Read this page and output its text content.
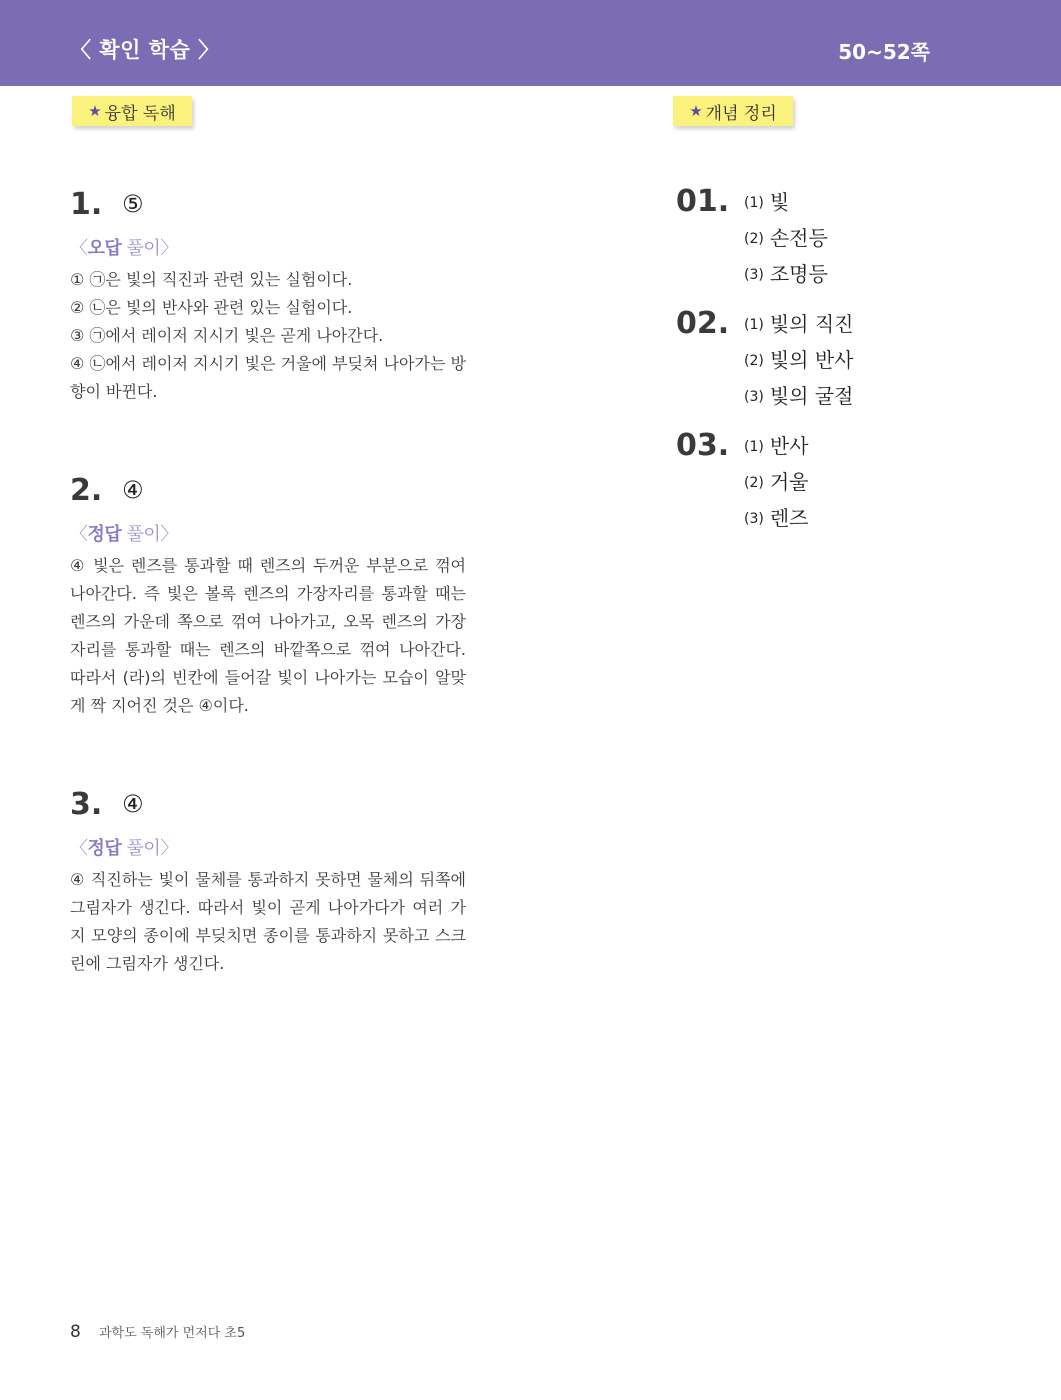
〈 확인 학습 〉	50~52쪽
★ 융합 독해	★ 개념 정리
1. ⑤
〈오답 풀이〉

① ㉠은 빛의 직진과 관련 있는 실험이다.

② ㉡은 빛의 반사와 관련 있는 실험이다.

③ ㉠에서 레이저 지시기 빛은 곧게 나아간다.

④ ㉡에서 레이저 지시기 빛은 거울에 부딪쳐 나아가는 방향이 바뀐다.

2. ④
〈정답 풀이〉

④ 빛은 렌즈를 통과할 때 렌즈의 두꺼운 부분으로 꺾여 나아간다. 즉 빛은 볼록 렌즈의 가장자리를 통과할 때는 렌즈의 가운데 쪽으로 꺾여 나아가고, 오목 렌즈의 가장자리를 통과할 때는 렌즈의 바깥쪽으로 꺾여 나아간다. 따라서 (라)의 빈칸에 들어갈 빛이 나아가는 모습이 알맞게 짝 지어진 것은 ④이다.

3. ④
〈정답 풀이〉

④ 직진하는 빛이 물체를 통과하지 못하면 물체의 뒤쪽에 그림자가 생긴다. 따라서 빛이 곧게 나아가다가 여러 가지 모양의 종이에 부딪치면 종이를 통과하지 못하고 스크린에 그림자가 생긴다.

01. (1) 빛
(2) 손전등
(3) 조명등
02. (1) 빛의 직진
(2) 빛의 반사
(3) 빛의 굴절
03. (1) 반사
(2) 거울
(3) 렌즈
8 과학도 독해가 먼저다 초5
